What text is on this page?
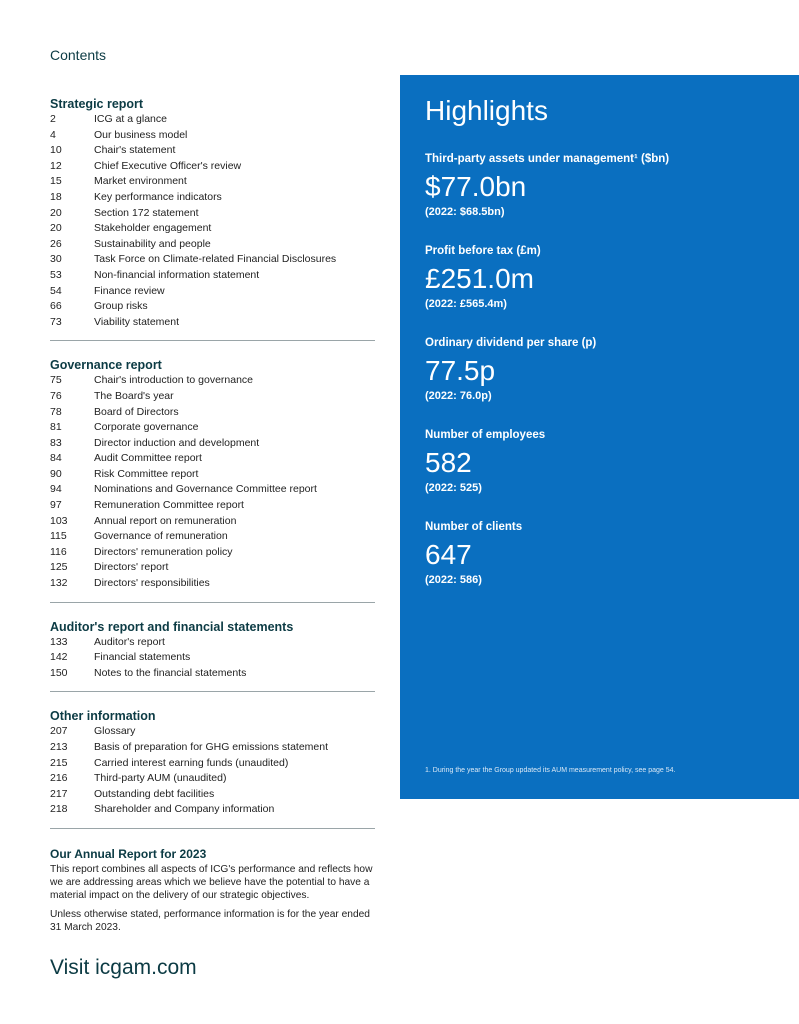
Contents

Strategic report

2	ICG at a glance
4	Our business model
10	Chair's statement
12	Chief Executive Officer's review
15	Market environment
18	Key performance indicators
20	Section 172 statement
20	Stakeholder engagement
26	Sustainability and people
30	Task Force on Climate-related Financial Disclosures
53	Non-financial information statement
54	Finance review
66	Group risks
73	Viability statement

Governance report

75	Chair's introduction to governance
76	The Board's year
78	Board of Directors
81	Corporate governance
83	Director induction and development
84	Audit Committee report
90	Risk Committee report
94	Nominations and Governance Committee report
97	Remuneration Committee report
103	Annual report on remuneration
115	Governance of remuneration
116	Directors' remuneration policy
125	Directors' report
132	Directors' responsibilities

Auditor's report and financial statements

133	Auditor's report
142	Financial statements
150	Notes to the financial statements

Other information

207	Glossary
213	Basis of preparation for GHG emissions statement
215	Carried interest earning funds (unaudited)
216	Third-party AUM (unaudited)
217	Outstanding debt facilities
218	Shareholder and Company information

Our Annual Report for 2023

This report combines all aspects of ICG's performance and reflects how we are addressing areas which we believe have the potential to have a material impact on the delivery of our strategic objectives.

Unless otherwise stated, performance information is for the year ended 31 March 2023.

Visit icgam.com
Highlights

Third-party assets under management¹ ($bn)

$77.0bn

(2022: $68.5bn)

Profit before tax (£m)

£251.0m

(2022: £565.4m)

Ordinary dividend per share (p)

77.5p

(2022: 76.0p)

Number of employees

582

(2022: 525)

Number of clients

647

(2022: 586)

1. During the year the Group updated its AUM measurement policy, see page 54.
